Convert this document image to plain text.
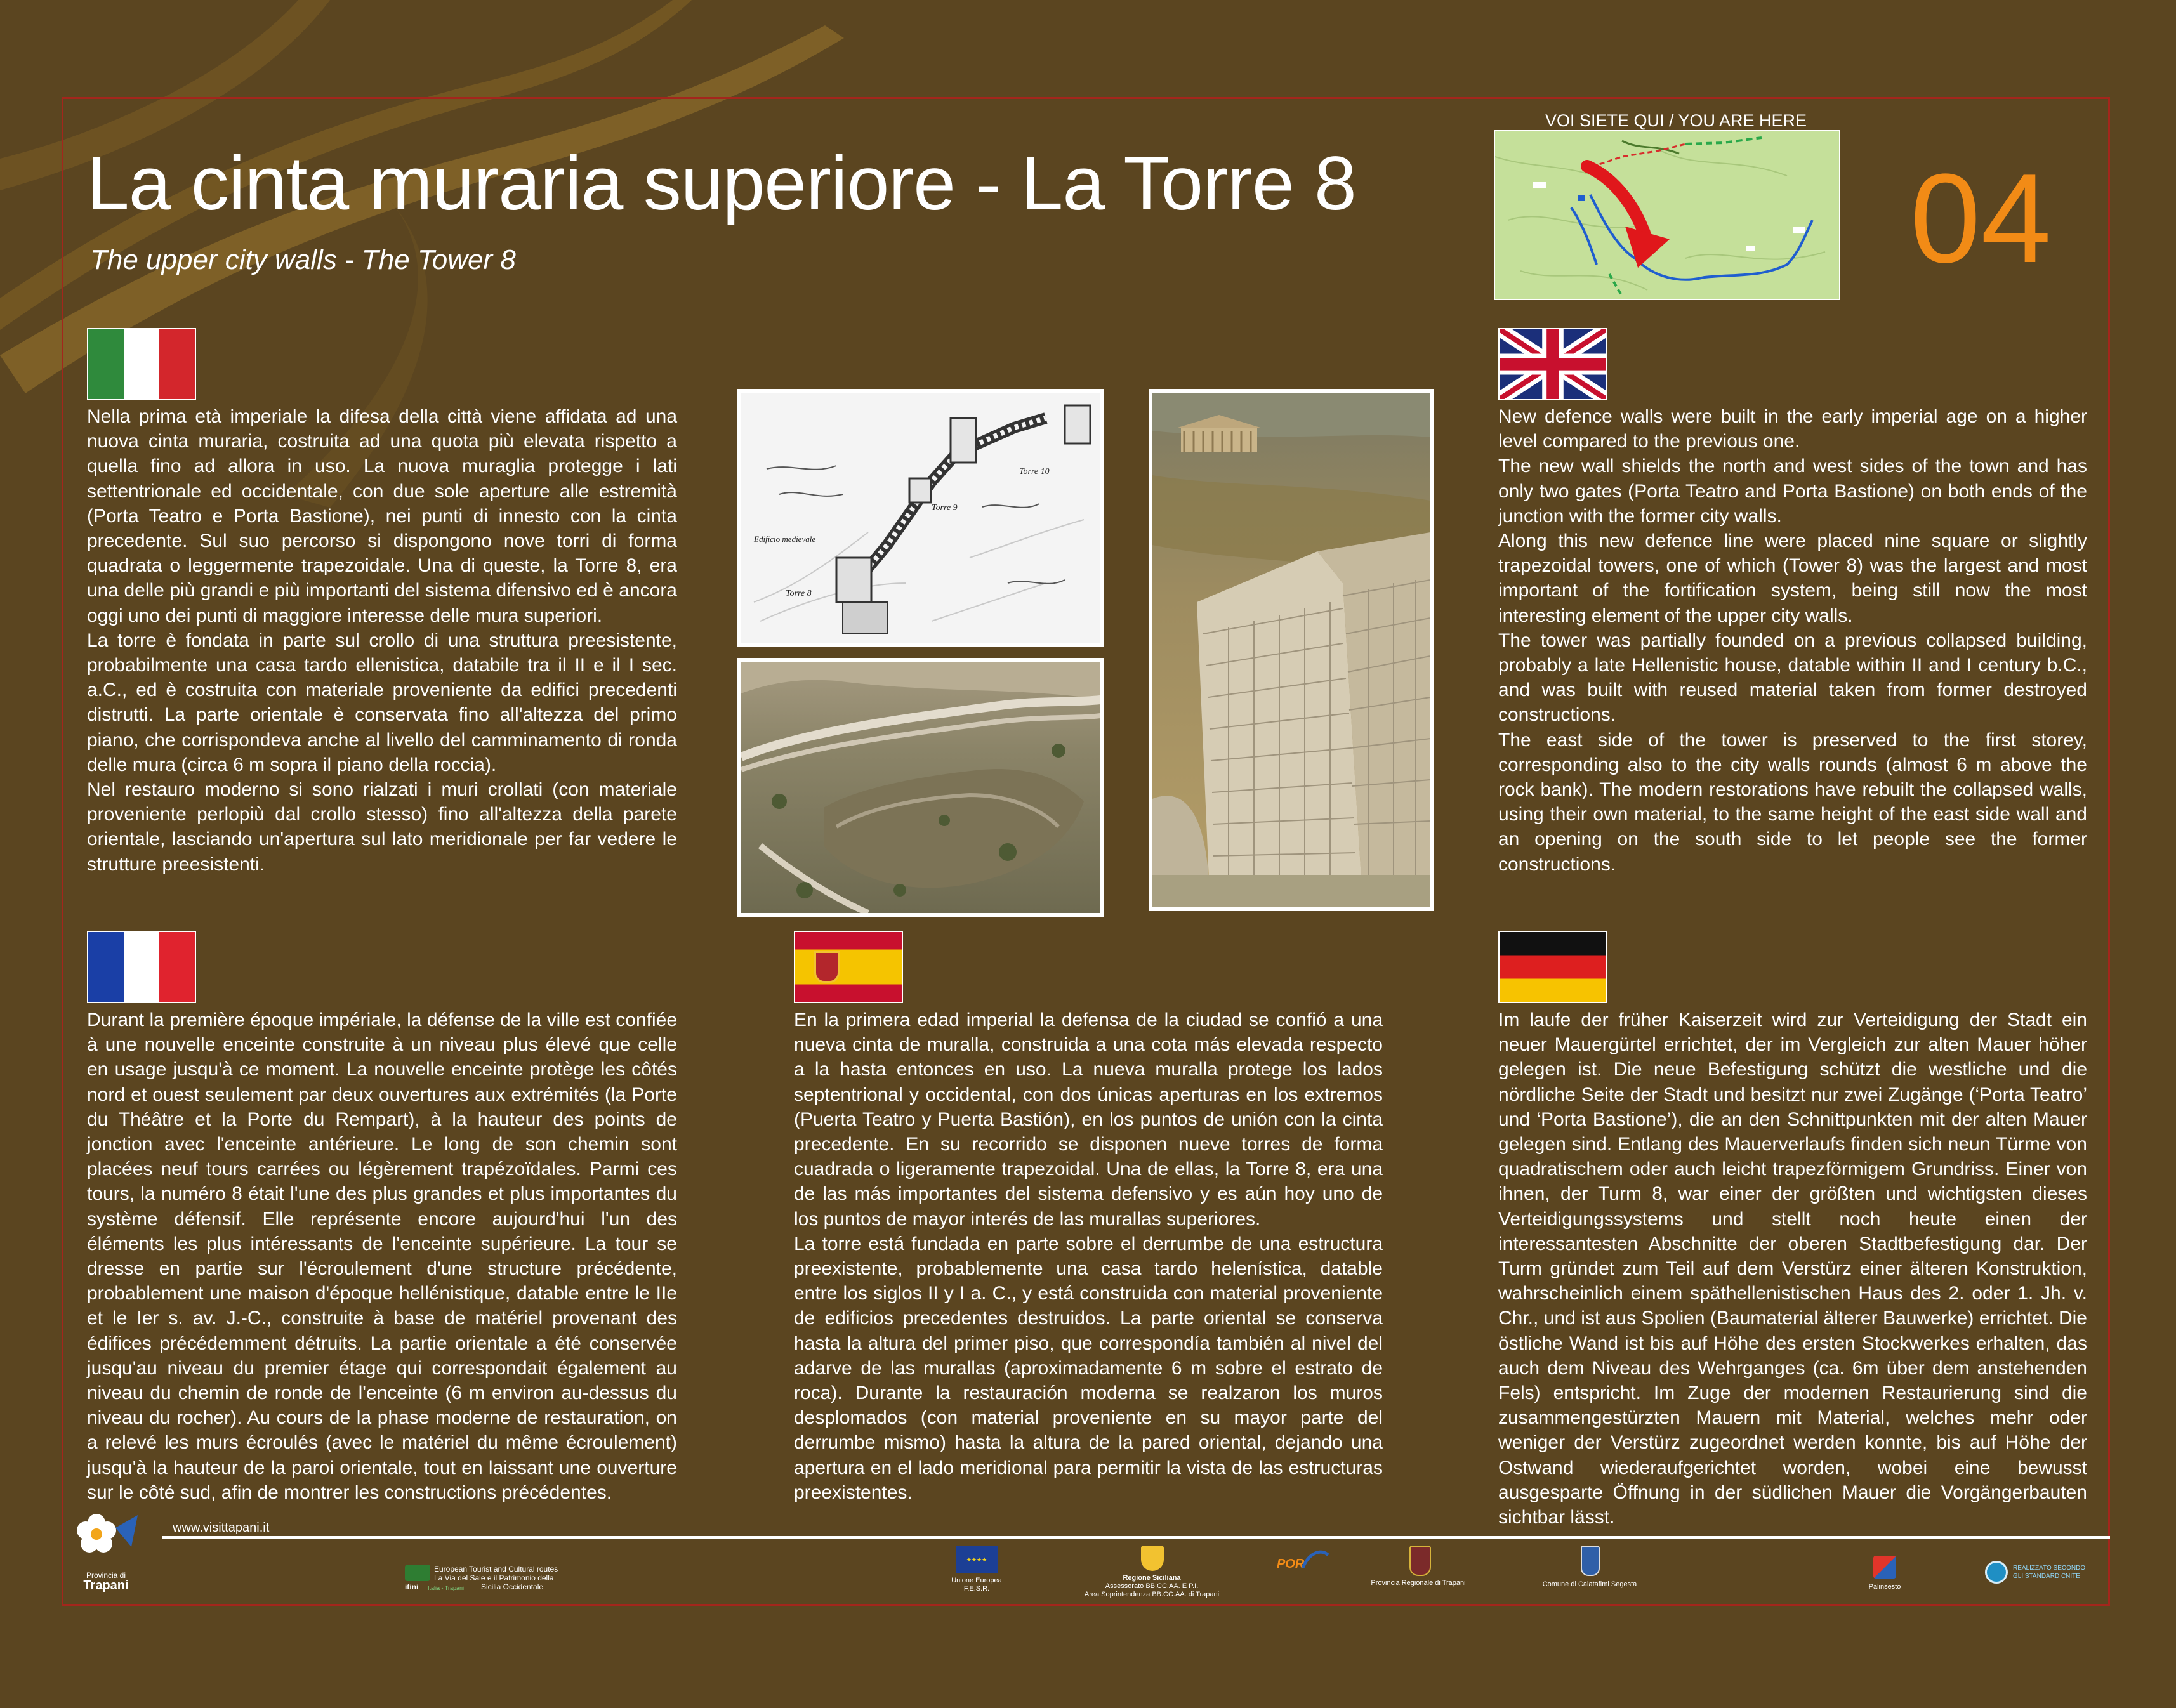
La cinta muraria superiore - La Torre 8
The upper city walls - The Tower 8	04
VOI SIETE QUI / YOU ARE HERE

Nella prima età imperiale la difesa della città viene affidata ad una nuova cinta muraria, costruita ad una quota più elevata rispetto a quella fino ad allora in uso. La nuova muraglia protegge i lati settentrionale ed occidentale, con due sole aperture alle estremità (Porta Teatro e Porta Bastione), nei punti di innesto con la cinta precedente. Sul suo percorso si dispongono nove torri di forma quadrata o leggermente trapezoidale. Una di queste, la Torre 8, era una delle più grandi e più importanti del sistema difensivo ed è ancora oggi uno dei punti di maggiore interesse delle mura superiori.

La torre è fondata in parte sul crollo di una struttura preesistente, probabilmente una casa tardo ellenistica, databile tra il II e il I sec. a.C., ed è costruita con materiale proveniente da edifici precedenti distrutti. La parte orientale è conservata fino all'altezza del primo piano, che corrispondeva anche al livello del camminamento di ronda delle mura (circa 6 m sopra il piano della roccia).

Nel restauro moderno si sono rialzati i muri crollati (con materiale proveniente perlopiù dal crollo stesso) fino all'altezza della parete orientale, lasciando un'apertura sul lato meridionale per far vedere le strutture preesistenti.

New defence walls were built in the early imperial age on a higher level compared to the previous one.

The new wall shields the north and west sides of the town and has only two gates (Porta Teatro and Porta Bastione) on both ends of the junction with the former city walls.

Along this new defence line were placed nine square or slightly trapezoidal towers, one of which (Tower 8) was the largest and most important of the fortification system, being still now the most interesting element of the upper city walls.

The tower was partially founded on a previous collapsed building, probably a late Hellenistic house, datable within II and I century b.C., and was built with reused material taken from former destroyed constructions.

The east side of the tower is preserved to the first storey, corresponding also to the city walls rounds (almost 6 m above the rock bank). The modern restorations have rebuilt the collapsed walls, using their own material, to the same height of the east side wall and an opening on the south side to let people see the former constructions.

Durant la première époque impériale, la défense de la ville est confiée à une nouvelle enceinte construite à un niveau plus élevé que celle en usage jusqu'à ce moment. La nouvelle enceinte protège les côtés nord et ouest seulement par deux ouvertures aux extrémités (la Porte du Théâtre et la Porte du Rempart), à la hauteur des points de jonction avec l'enceinte antérieure. Le long de son chemin sont placées neuf tours carrées ou légèrement trapézoïdales. Parmi ces tours, la numéro 8 était l'une des plus grandes et plus importantes du système défensif. Elle représente encore aujourd'hui l'un des éléments les plus intéressants de l'enceinte supérieure. La tour se dresse en partie sur l'écroulement d'une structure précédente, probablement une maison d'époque hellénistique, datable entre le IIe et le Ier s. av. J.-C., construite à base de matériel provenant des édifices précédemment détruits. La partie orientale a été conservée jusqu'au niveau du premier étage qui correspondait également au niveau du chemin de ronde de l'enceinte (6 m environ au-dessus du niveau du rocher). Au cours de la phase moderne de restauration, on a relevé les murs écroulés (avec le matériel du même écroulement) jusqu'à la hauteur de la paroi orientale, tout en laissant une ouverture sur le côté sud, afin de montrer les constructions précédentes.

En la primera edad imperial la defensa de la ciudad se confió a una nueva cinta de muralla, construida a una cota más elevada respecto a la hasta entonces en uso. La nueva muralla protege los lados septentrional y occidental, con dos únicas aperturas en los extremos (Puerta Teatro y Puerta Bastión), en los puntos de unión con la cinta precedente. En su recorrido se disponen nueve torres de forma cuadrada o ligeramente trapezoidal. Una de ellas, la Torre 8, era una de las más importantes del sistema defensivo y es aún hoy uno de los puntos de mayor interés de las murallas superiores.

La torre está fundada en parte sobre el derrumbe de una estructura preexistente, probablemente una casa tardo helenística, datable entre los siglos II y I a. C., y está construida con material proveniente de edificios precedentes destruidos. La parte oriental se conserva hasta la altura del primer piso, que correspondía también al nivel del adarve de las murallas (aproximadamente 6 m sobre el estrato de roca). Durante la restauración moderna se realzaron los muros desplomados (con material proveniente en su mayor parte del derrumbe mismo) hasta la altura de la pared oriental, dejando una apertura en el lado meridional para permitir la vista de las estructuras preexistentes.

Im laufe der früher Kaiserzeit wird zur Verteidigung der Stadt ein neuer Mauergürtel errichtet, der im Vergleich zur alten Mauer höher gelegen ist. Die neue Befestigung schützt die westliche und die nördliche Seite der Stadt und besitzt nur zwei Zugänge (‘Porta Teatro’ und ‘Porta Bastione’), die an den Schnittpunkten mit der alten Mauer gelegen sind. Entlang des Mauerverlaufs finden sich neun Türme von quadratischem oder auch leicht trapezförmigem Grundriss. Einer von ihnen, der Turm 8, war einer der größten und wichtigsten dieses Verteidigungssystems und stellt noch heute einen der interessantesten Abschnitte der oberen Stadtbefestigung dar. Der Turm gründet zum Teil auf dem Verstürz einer älteren Konstruktion, wahrscheinlich einem späthellenistischen Haus des 2. oder 1. Jh. v. Chr., und ist aus Spolien (Baumaterial älterer Bauwerke) errichtet. Die östliche Wand ist bis auf Höhe des ersten Stockwerkes erhalten, das auch dem Niveau des Wehrganges (ca. 6m über dem anstehenden Fels) entspricht. Im Zuge der modernen Restaurierung sind die zusammengestürzten Mauern mit Material, welches mehr oder weniger der Verstürz zugeordnet werden konnte, bis auf Höhe der Ostwand wiederaufgerichtet worden, wobei eine bewusst ausgesparte Öffnung in der südlichen Mauer die Vorgängerbauten sichtbar lässt.

Torre 10
Torre 9
Torre 8
Edificio medievale
www.visittapani.it
Provincia di
Trapani	itini Italia - Trapani
European Tourist and Cultural routes
La Via del Sale e il Patrimonio della
Sicilia Occidentale
★★★★
Unione Europea
F.E.S.R.
Regione Siciliana
Assessorato BB.CC.AA. E P.I.
Area Soprintendenza BB.CC.AA. di Trapani
POR
Provincia Regionale di Trapani	Comune di Calatafimi Segesta	Palinsesto
REALIZZATO SECONDO
GLI STANDARD CNITE
